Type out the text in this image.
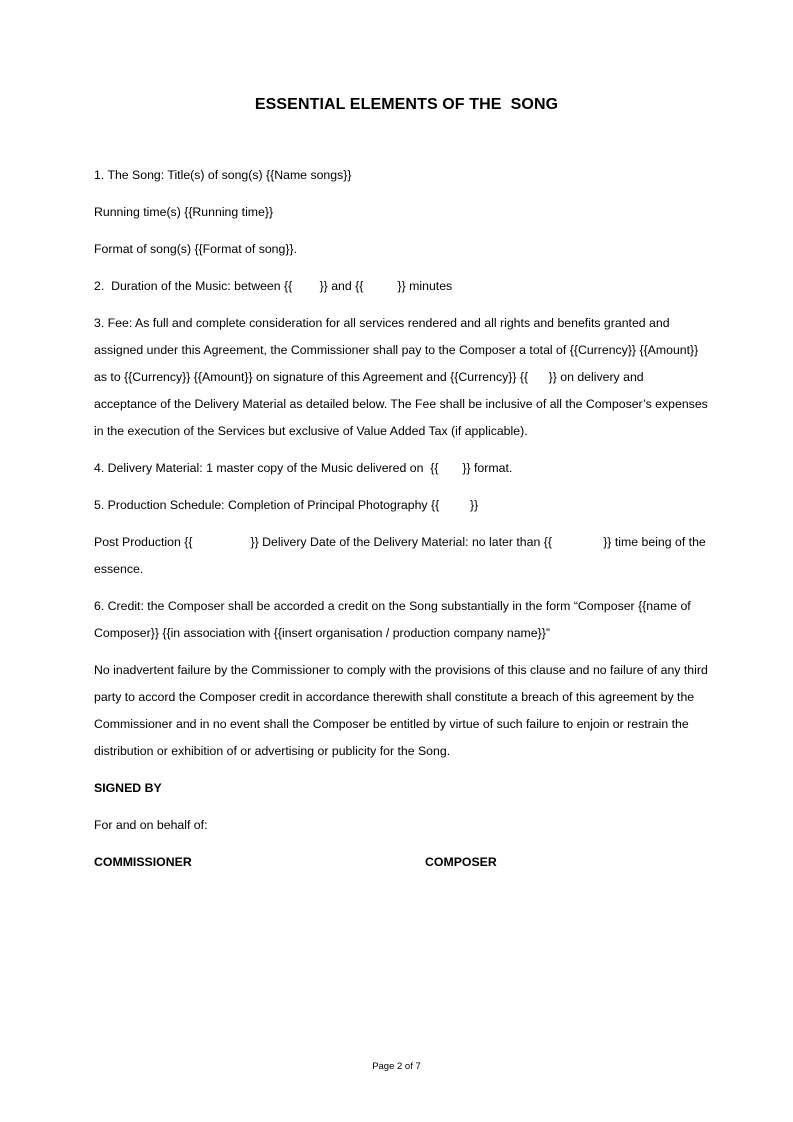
ESSENTIAL ELEMENTS OF THE  SONG

1. The Song: Title(s) of song(s) {{Name songs}}

Running time(s) {{Running time}}

Format of song(s) {{Format of song}}.

2.  Duration of the Music: between {{        }} and {{          }} minutes

3. Fee: As full and complete consideration for all services rendered and all rights and benefits granted and assigned under this Agreement, the Commissioner shall pay to the Composer a total of {{Currency}} {{Amount}} as to {{Currency}} {{Amount}} on signature of this Agreement and {{Currency}} {{      }} on delivery and acceptance of the Delivery Material as detailed below. The Fee shall be inclusive of all the Composer’s expenses in the execution of the Services but exclusive of Value Added Tax (if applicable).

4. Delivery Material: 1 master copy of the Music delivered on  {{       }} format.

5. Production Schedule: Completion of Principal Photography {{         }}

Post Production {{                 }} Delivery Date of the Delivery Material: no later than {{               }} time being of the essence.

6. Credit: the Composer shall be accorded a credit on the Song substantially in the form “Composer {{name of Composer}} {{in association with {{insert organisation / production company name}}”

No inadvertent failure by the Commissioner to comply with the provisions of this clause and no failure of any third party to accord the Composer credit in accordance therewith shall constitute a breach of this agreement by the Commissioner and in no event shall the Composer be entitled by virtue of such failure to enjoin or restrain the distribution or exhibition of or advertising or publicity for the Song.

SIGNED BY

For and on behalf of:

COMMISSIONER	COMPOSER
Page 2 of 7
